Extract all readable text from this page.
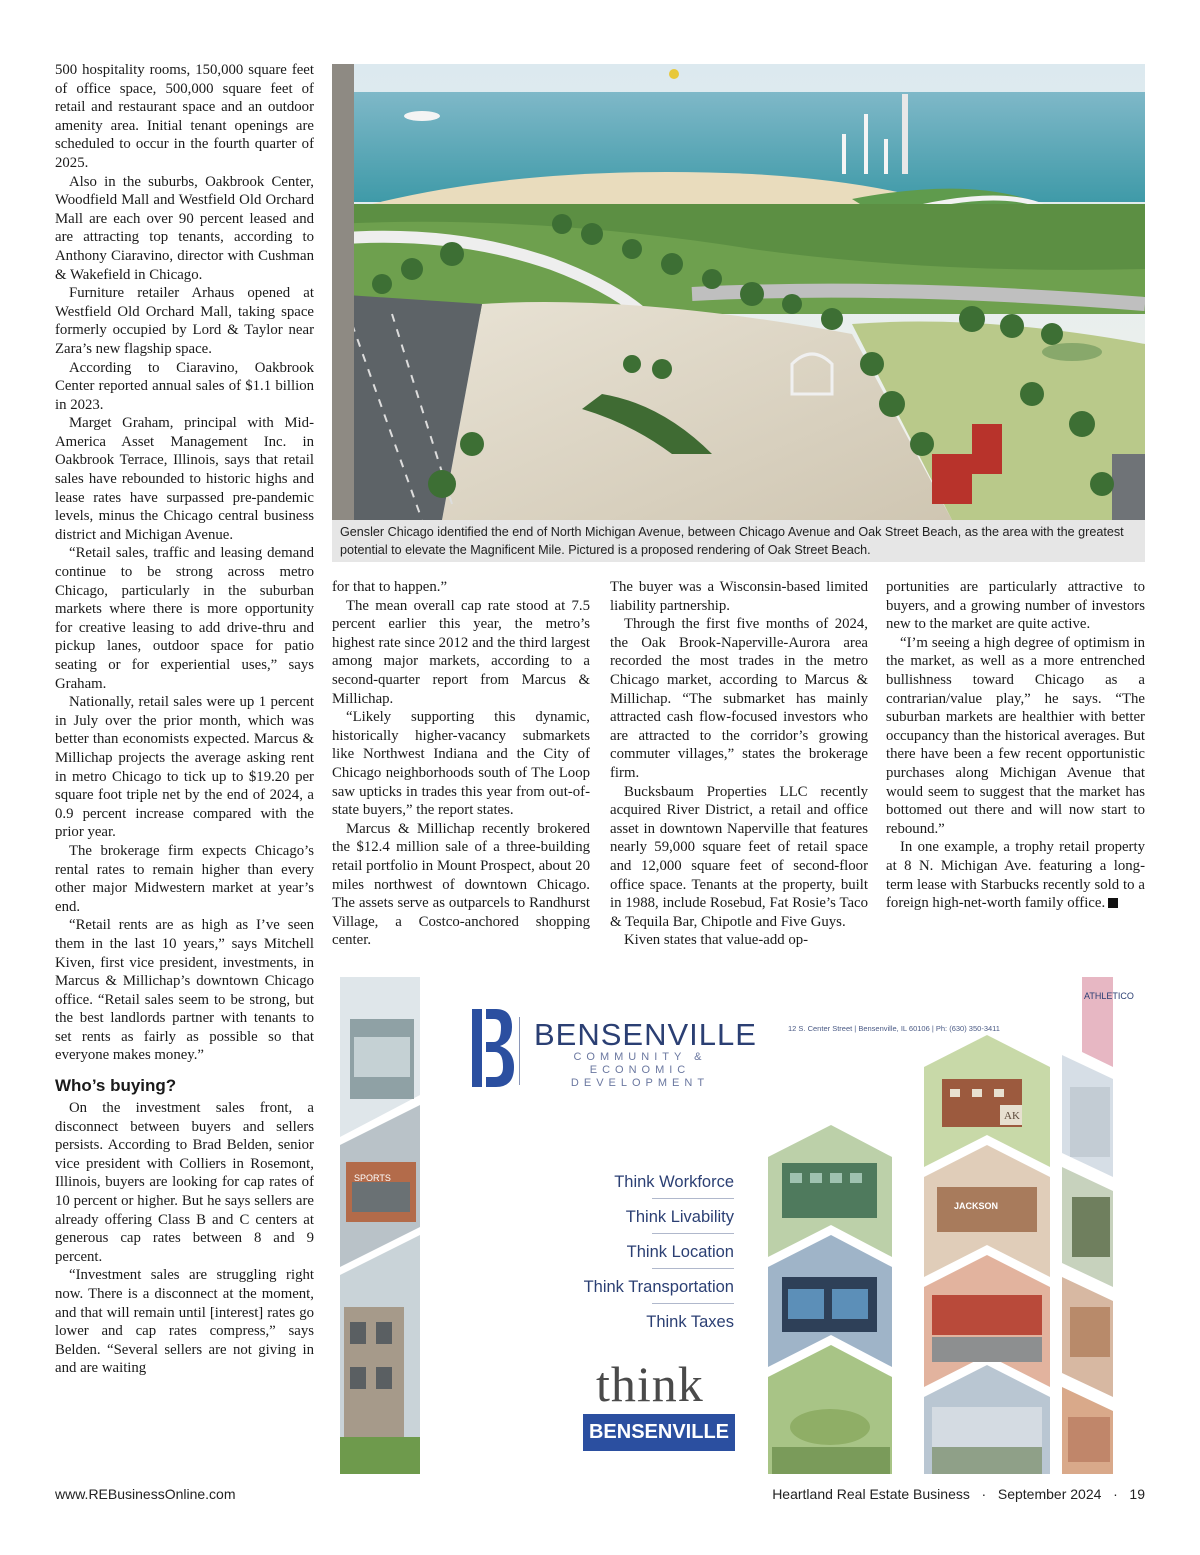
500 hospitality rooms, 150,000 square feet of office space, 500,000 square feet of retail and restaurant space and an outdoor amenity area. Initial tenant openings are scheduled to occur in the fourth quarter of 2025.

Also in the suburbs, Oakbrook Center, Woodfield Mall and Westfield Old Orchard Mall are each over 90 percent leased and are attracting top tenants, according to Anthony Ciaravino, director with Cushman & Wakefield in Chicago.

Furniture retailer Arhaus opened at Westfield Old Orchard Mall, taking space formerly occupied by Lord & Taylor near Zara’s new flagship space.

According to Ciaravino, Oakbrook Center reported annual sales of $1.1 billion in 2023.

Marget Graham, principal with Mid-America Asset Management Inc. in Oakbrook Terrace, Illinois, says that retail sales have rebounded to historic highs and lease rates have surpassed pre-pandemic levels, minus the Chicago central business district and Michigan Avenue.

“Retail sales, traffic and leasing demand continue to be strong across metro Chicago, particularly in the suburban markets where there is more opportunity for creative leasing to add drive-thru and pickup lanes, outdoor space for patio seating or for experiential uses,” says Graham.

Nationally, retail sales were up 1 percent in July over the prior month, which was better than economists expected. Marcus & Millichap projects the average asking rent in metro Chicago to tick up to $19.20 per square foot triple net by the end of 2024, a 0.9 percent increase compared with the prior year.

The brokerage firm expects Chicago’s rental rates to remain higher than every other major Midwestern market at year’s end.

“Retail rents are as high as I’ve seen them in the last 10 years,” says Mitchell Kiven, first vice president, investments, in Marcus & Millichap’s downtown Chicago office. “Retail sales seem to be strong, but the best landlords partner with tenants to set rents as fairly as possible so that everyone makes money.”

Who’s buying?

On the investment sales front, a disconnect between buyers and sellers persists. According to Brad Belden, senior vice president with Colliers in Rosemont, Illinois, buyers are looking for cap rates of 10 percent or higher. But he says sellers are already offering Class B and C centers at generous cap rates between 8 and 9 percent.

“Investment sales are struggling right now. There is a disconnect at the moment, and that will remain until [interest] rates go lower and cap rates compress,” says Belden. “Several sellers are not giving in and are waiting

Gensler Chicago identified the end of North Michigan Avenue, between Chicago Avenue and Oak Street Beach, as the area with the greatest potential to elevate the Magnificent Mile. Pictured is a proposed rendering of Oak Street Beach.

for that to happen.”

The mean overall cap rate stood at 7.5 percent earlier this year, the metro’s highest rate since 2012 and the third largest among major markets, according to a second-quarter report from Marcus & Millichap.

“Likely supporting this dynamic, historically higher-vacancy submarkets like Northwest Indiana and the City of Chicago neighborhoods south of The Loop saw upticks in trades this year from out-of-state buyers,” the report states.

Marcus & Millichap recently brokered the $12.4 million sale of a three-building retail portfolio in Mount Prospect, about 20 miles northwest of downtown Chicago. The assets serve as outparcels to Randhurst Village, a Costco-anchored shopping center.

The buyer was a Wisconsin-based limited liability partnership.

Through the first five months of 2024, the Oak Brook-Naperville-Aurora area recorded the most trades in the metro Chicago market, according to Marcus & Millichap. “The submarket has mainly attracted cash flow-focused investors who are attracted to the corridor’s growing commuter villages,” states the brokerage firm.

Bucksbaum Properties LLC recently acquired River District, a retail and office asset in downtown Naperville that features nearly 59,000 square feet of retail space and 12,000 square feet of second-floor office space. Tenants at the property, built in 1988, include Rosebud, Fat Rosie’s Taco & Tequila Bar, Chipotle and Five Guys.

Kiven states that value-add op-

portunities are particularly attractive to buyers, and a growing number of investors new to the market are quite active.

“I’m seeing a high degree of optimism in the market, as well as a more entrenched bullishness toward Chicago as a contrarian/value play,” he says. “The suburban markets are healthier with better occupancy than the historical averages. But there have been a few recent opportunistic purchases along Michigan Avenue that would seem to suggest that the market has bottomed out there and will now start to rebound.”

In one example, a trophy retail property at 8 N. Michigan Ave. featuring a long-term lease with Starbucks recently sold to a foreign high-net-worth family office.

SPORTS
ATHLETICO
AK
JACKSON
BENSENVILLE
COMMUNITY & ECONOMIC
DEVELOPMENT
12 S. Center Street | Bensenville, IL 60106 | Ph: (630) 350-3411
Think Workforce
Think Livability
Think Location
Think Transportation
Think Taxes
think
BENSENVILLE
www.REBusinessOnline.com	Heartland Real Estate Business   ·   September 2024   ·   19
